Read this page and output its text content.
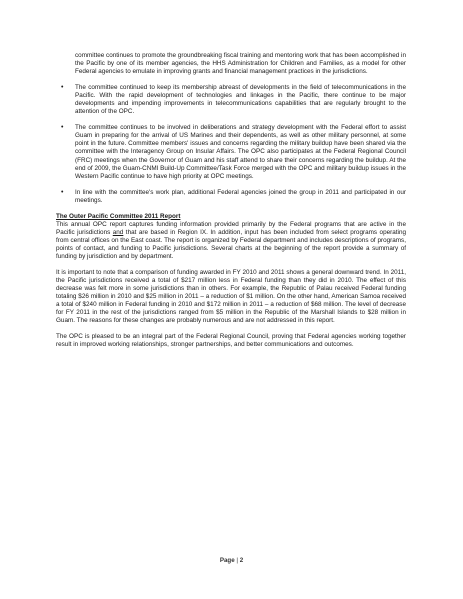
committee continues to promote the groundbreaking fiscal training and mentoring work that has been accomplished in the Pacific by one of its member agencies, the HHS Administration for Children and Families, as a model for other Federal agencies to emulate in improving grants and financial management practices in the jurisdictions.

• The committee continued to keep its membership abreast of developments in the field of telecommunications in the Pacific. With the rapid development of technologies and linkages in the Pacific, there continue to be major developments and impending improvements in telecommunications capabilities that are regularly brought to the attention of the OPC.
• The committee continues to be involved in deliberations and strategy development with the Federal effort to assist Guam in preparing for the arrival of US Marines and their dependents, as well as other military personnel, at some point in the future. Committee members' issues and concerns regarding the military buildup have been shared via the committee with the Interagency Group on Insular Affairs. The OPC also participates at the Federal Regional Council (FRC) meetings when the Governor of Guam and his staff attend to share their concerns regarding the buildup. At the end of 2009, the Guam-CNMI Build-Up Committee/Task Force merged with the OPC and military buildup issues in the Western Pacific continue to have high priority at OPC meetings.
• In line with the committee's work plan, additional Federal agencies joined the group in 2011 and participated in our meetings.

The Outer Pacific Committee 2011 Report

This annual OPC report captures funding information provided primarily by the Federal programs that are active in the Pacific jurisdictions and that are based in Region IX. In addition, input has been included from select programs operating from central offices on the East coast. The report is organized by Federal department and includes descriptions of programs, points of contact, and funding to Pacific jurisdictions. Several charts at the beginning of the report provide a summary of funding by jurisdiction and by department.

It is important to note that a comparison of funding awarded in FY 2010 and 2011 shows a general downward trend. In 2011, the Pacific jurisdictions received a total of $217 million less in Federal funding than they did in 2010. The effect of this decrease was felt more in some jurisdictions than in others. For example, the Republic of Palau received Federal funding totaling $26 million in 2010 and $25 million in 2011 – a reduction of $1 million. On the other hand, American Samoa received a total of $240 million in Federal funding in 2010 and $172 million in 2011 – a reduction of $68 million. The level of decrease for FY 2011 in the rest of the jurisdictions ranged from $5 million in the Republic of the Marshall Islands to $28 million in Guam. The reasons for these changes are probably numerous and are not addressed in this report.

The OPC is pleased to be an integral part of the Federal Regional Council, proving that Federal agencies working together result in improved working relationships, stronger partnerships, and better communications and outcomes.

Page | 2
